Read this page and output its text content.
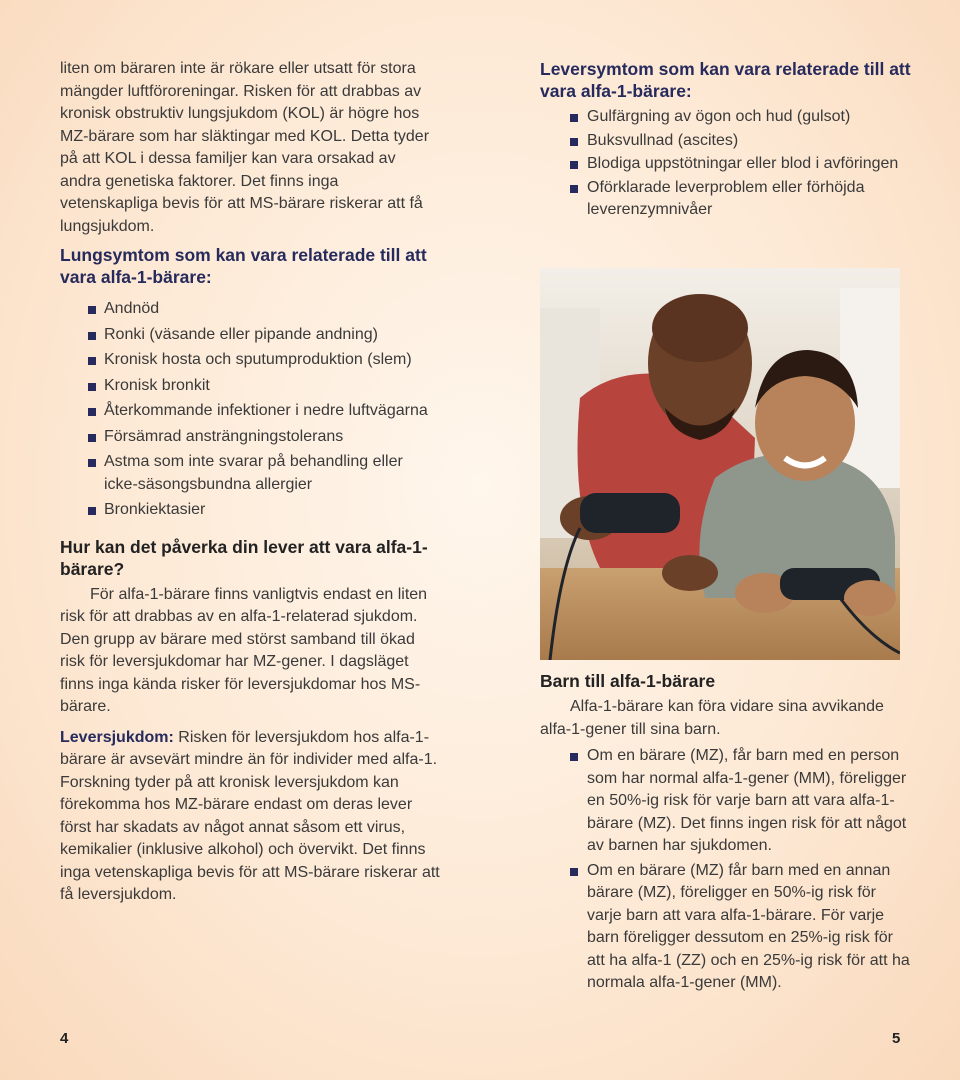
liten om bäraren inte är rökare eller utsatt för stora mängder luftföroreningar. Risken för att drabbas av kronisk obstruktiv lungsjukdom (KOL) är högre hos MZ-bärare som har släktingar med KOL. Detta tyder på att KOL i dessa familjer kan vara orsakad av andra genetiska faktorer. Det finns inga vetenskapliga bevis för att MS-bärare riskerar att få lungsjukdom.

Lungsymtom som kan vara relaterade till att vara alfa-1-bärare:
Andnöd
Ronki (väsande eller pipande andning)
Kronisk hosta och sputumproduktion (slem)
Kronisk bronkit
Återkommande infektioner i nedre luftvägarna
Försämrad ansträngningstolerans
Astma som inte svarar på behandling eller icke-säsongsbundna allergier
Bronkiektasier
Hur kan det påverka din lever att vara alfa-1-bärare?

För alfa-1-bärare finns vanligtvis endast en liten risk för att drabbas av en alfa-1-relaterad sjukdom. Den grupp av bärare med störst samband till ökad risk för leversjukdomar har MZ-gener. I dagsläget finns inga kända risker för leversjukdomar hos MS-bärare.

Leversjukdom: Risken för leversjukdom hos alfa-1-bärare är avsevärt mindre än för individer med alfa-1. Forskning tyder på att kronisk leversjukdom kan förekomma hos MZ-bärare endast om deras lever först har skadats av något annat såsom ett virus, kemikalier (inklusive alkohol) och övervikt. Det finns inga vetenskapliga bevis för att MS-bärare riskerar att få leversjukdom.

Leversymtom som kan vara relaterade till att vara alfa-1-bärare:
Gulfärgning av ögon och hud (gulsot)
Buksvullnad (ascites)
Blodiga uppstötningar eller blod i avföringen
Oförklarade leverproblem eller förhöjda leverenzymnivåer
Barn till alfa-1-bärare

Alfa-1-bärare kan föra vidare sina avvikande alfa-1-gener till sina barn.

Om en bärare (MZ), får barn med en person som har normal alfa-1-gener (MM), föreligger en 50%-ig risk för varje barn att vara alfa-1-bärare (MZ). Det finns ingen risk för att något av barnen har sjukdomen.
Om en bärare (MZ) får barn med en annan bärare (MZ), föreligger en 50%-ig risk för varje barn att vara alfa-1-bärare. För varje barn föreligger dessutom en 25%-ig risk för att ha alfa-1 (ZZ) och en 25%-ig risk för att ha normala alfa-1-gener (MM).
4	5
